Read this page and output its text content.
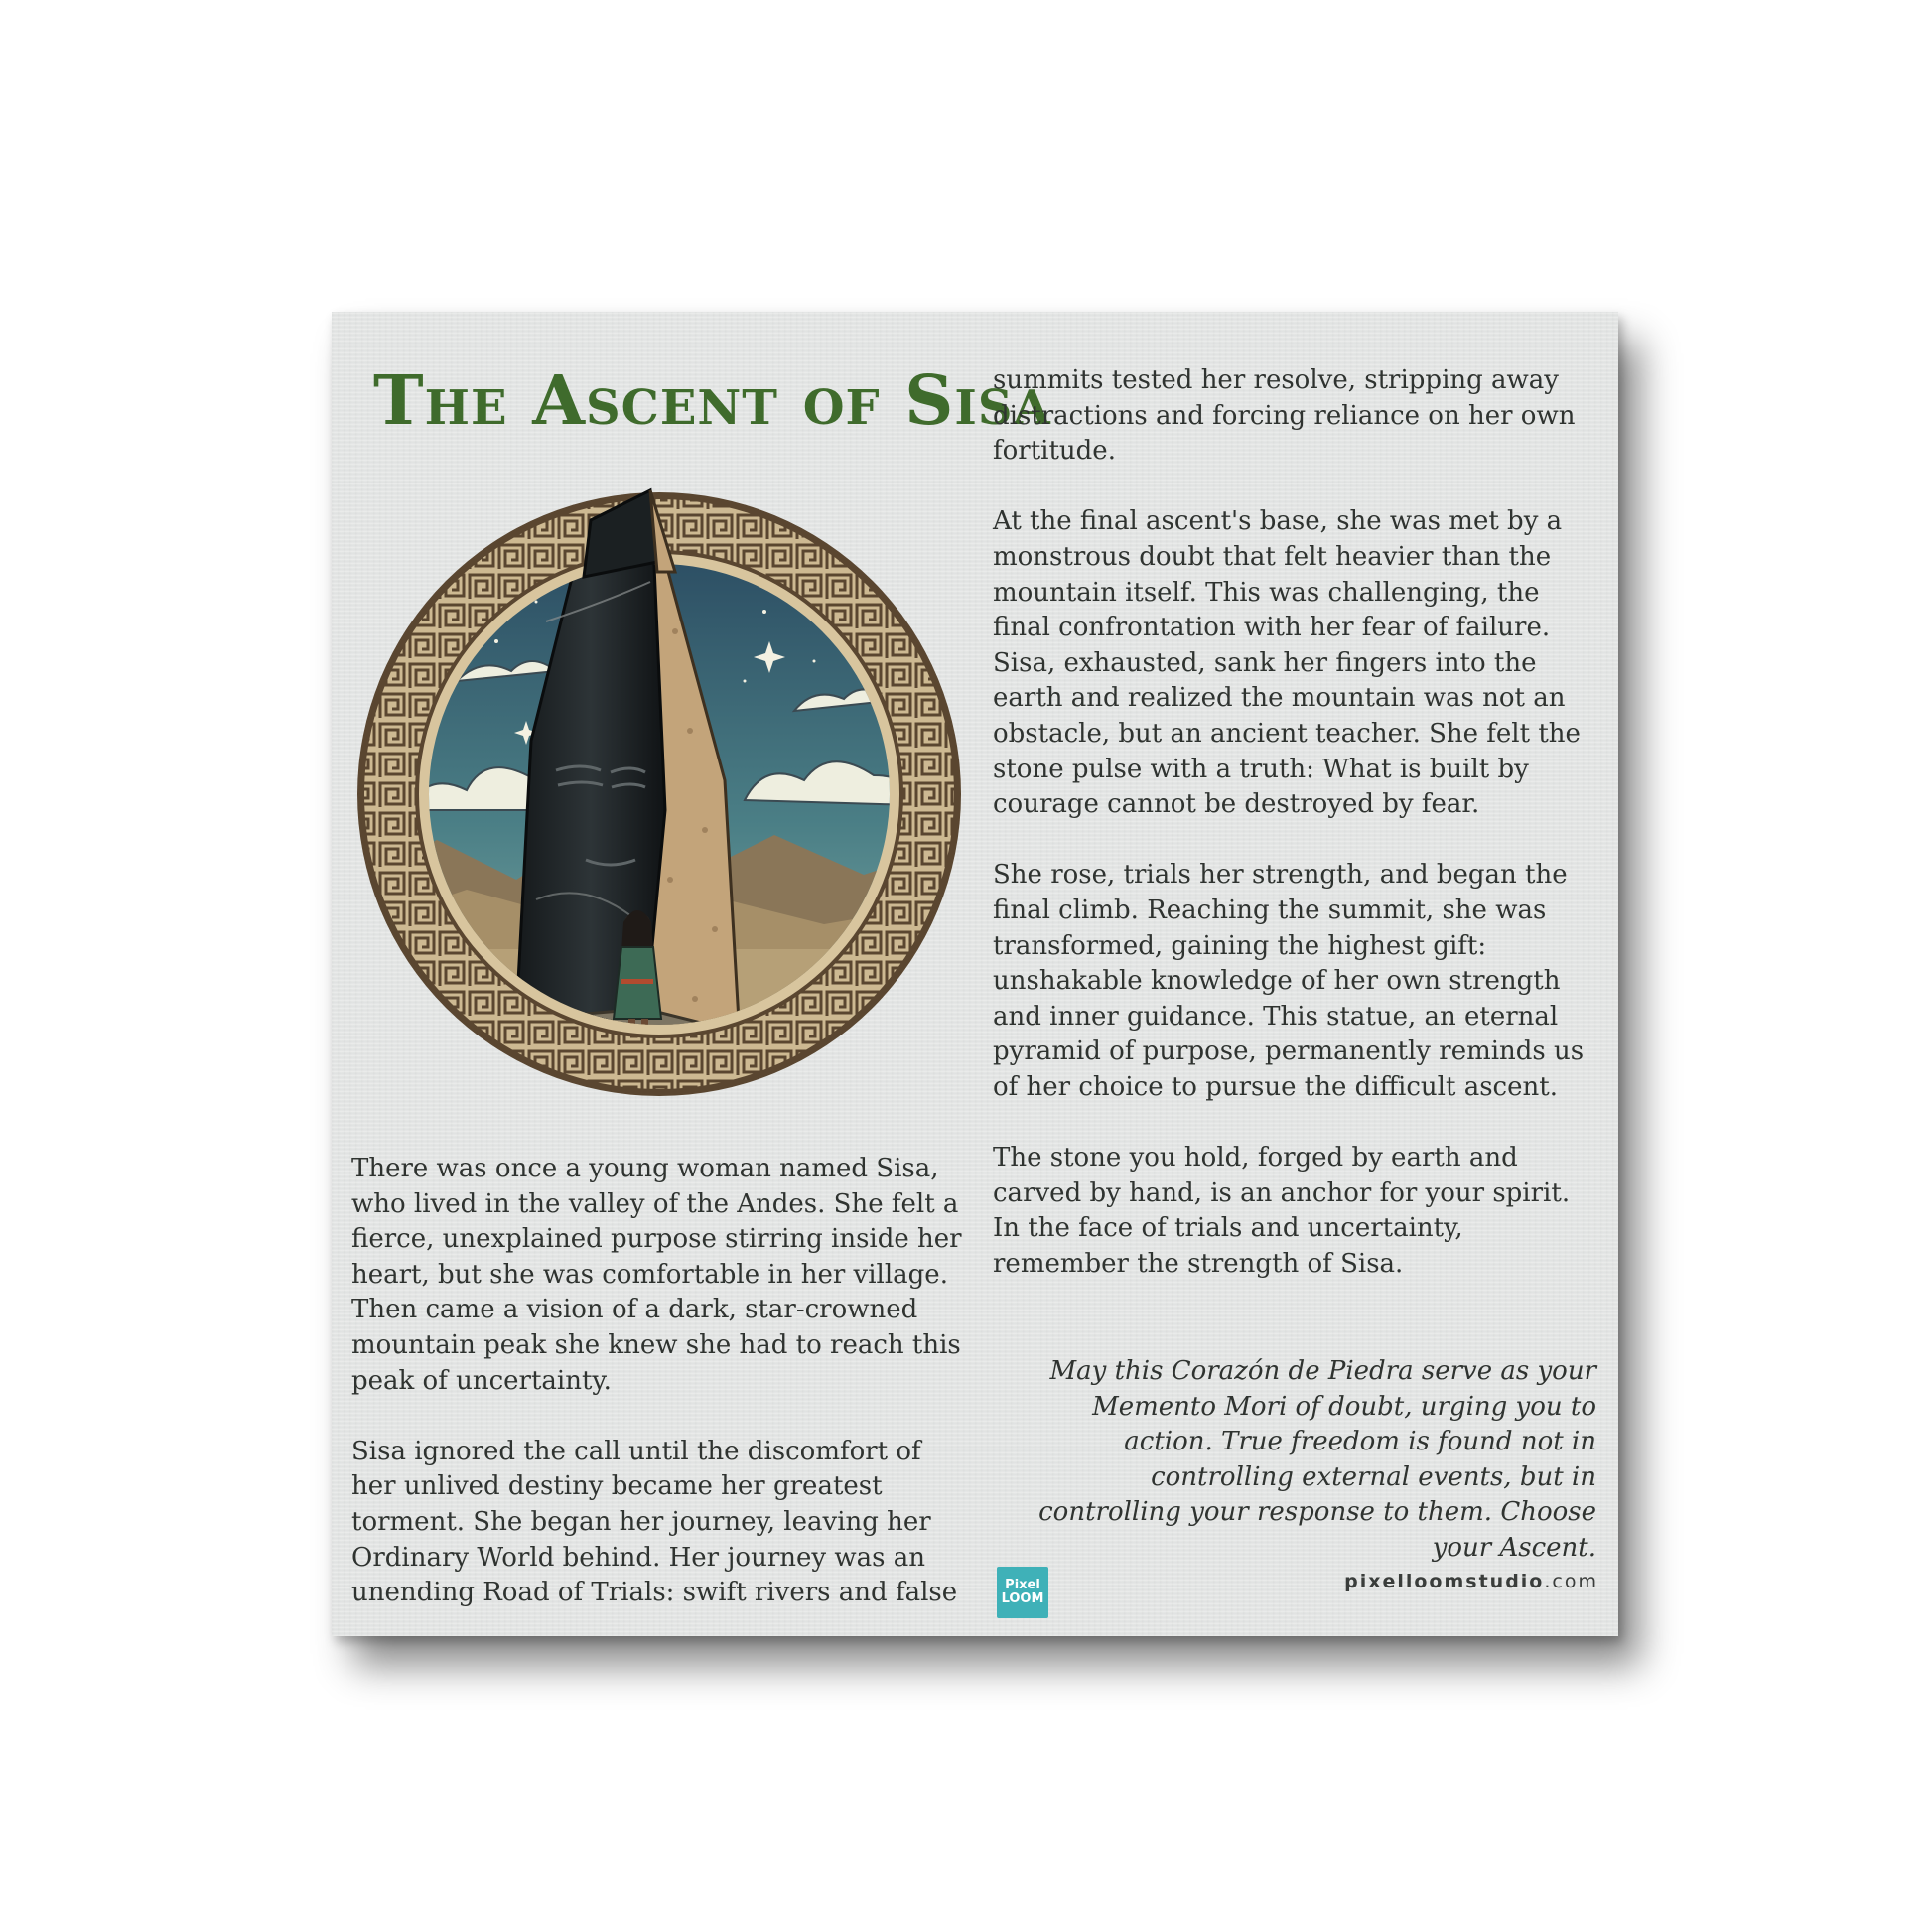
The Ascent of Sisa

There was once a young woman named Sisa, who lived in the valley of the Andes. She felt a fierce, unexplained purpose stirring inside her heart, but she was comfortable in her village. Then came a vision of a dark, star-crowned mountain peak she knew she had to reach this peak of uncertainty.

Sisa ignored the call until the discomfort of her unlived destiny became her greatest torment. She began her journey, leaving her Ordinary World behind. Her journey was an unending Road of Trials: swift rivers and false

summits tested her resolve, stripping away distractions and forcing reliance on her own fortitude.

At the final ascent's base, she was met by a monstrous doubt that felt heavier than the mountain itself. This was challenging, the final confrontation with her fear of failure. Sisa, exhausted, sank her fingers into the earth and realized the mountain was not an obstacle, but an ancient teacher. She felt the stone pulse with a truth: What is built by courage cannot be destroyed by fear.

She rose, trials her strength, and began the final climb. Reaching the summit, she was transformed, gaining the highest gift: unshakable knowledge of her own strength and inner guidance. This statue, an eternal pyramid of purpose, permanently reminds us of her choice to pursue the difficult ascent.

The stone you hold, forged by earth and carved by hand, is an anchor for your spirit. In the face of trials and uncertainty, remember the strength of Sisa.

May this Corazón de Piedra serve as your Memento Mori of doubt, urging you to action. True freedom is found not in controlling external events, but in controlling your response to them. Choose your Ascent.

Pixel
LOOM
pixelloomstudio.com
